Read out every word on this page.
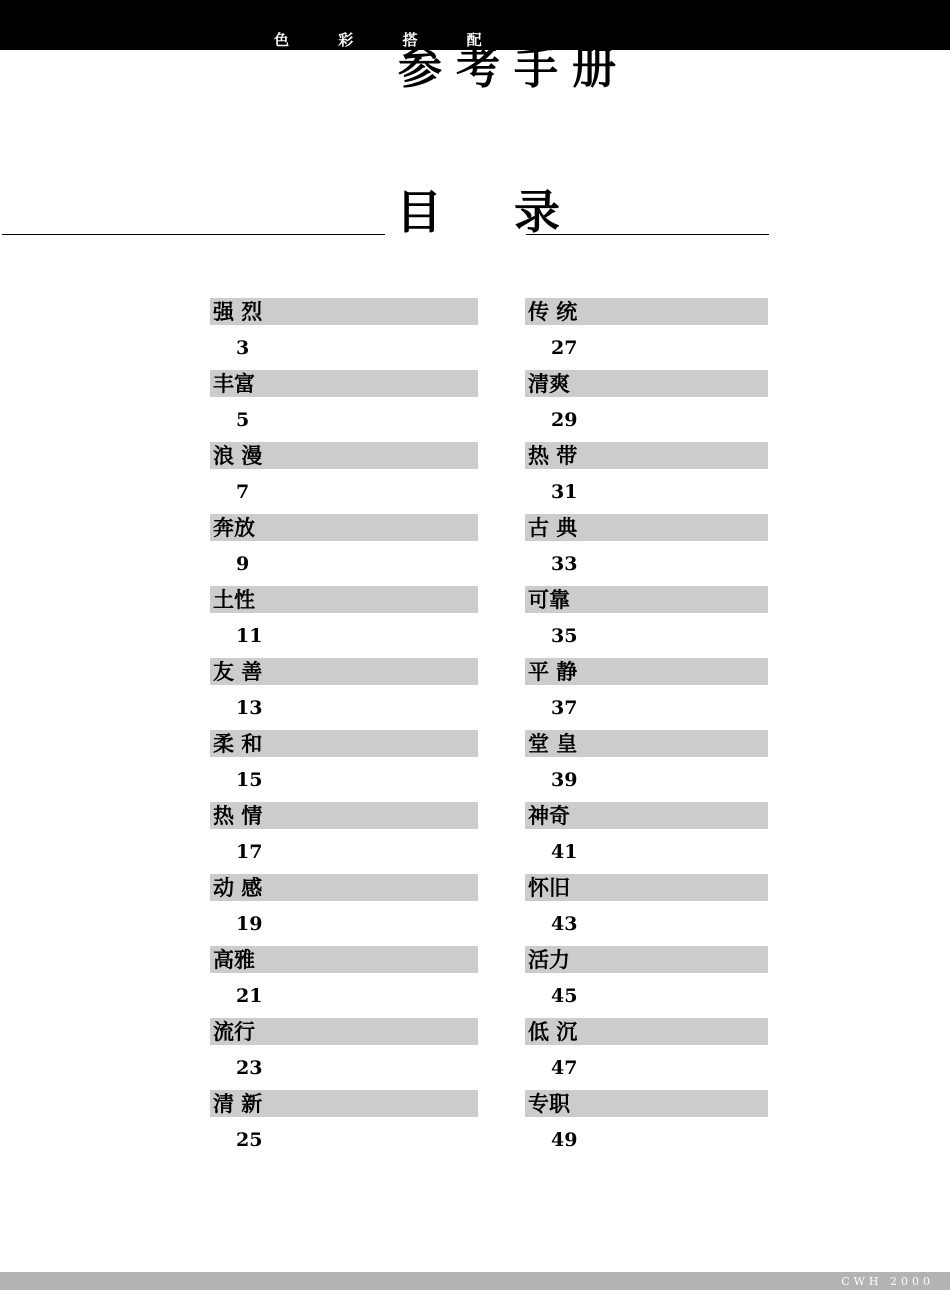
色 彩 搭 配
参考手册
目 录
强 烈
3
丰富
5
浪 漫
7
奔放
9
土性
11
友 善
13
柔 和
15
热 情
17
动 感
19
高雅
21
流行
23
清 新
25
传 统
27
清爽
29
热 带
31
古 典
33
可靠
35
平 静
37
堂 皇
39
神奇
41
怀旧
43
活力
45
低 沉
47
专职
49
CWH 2000
